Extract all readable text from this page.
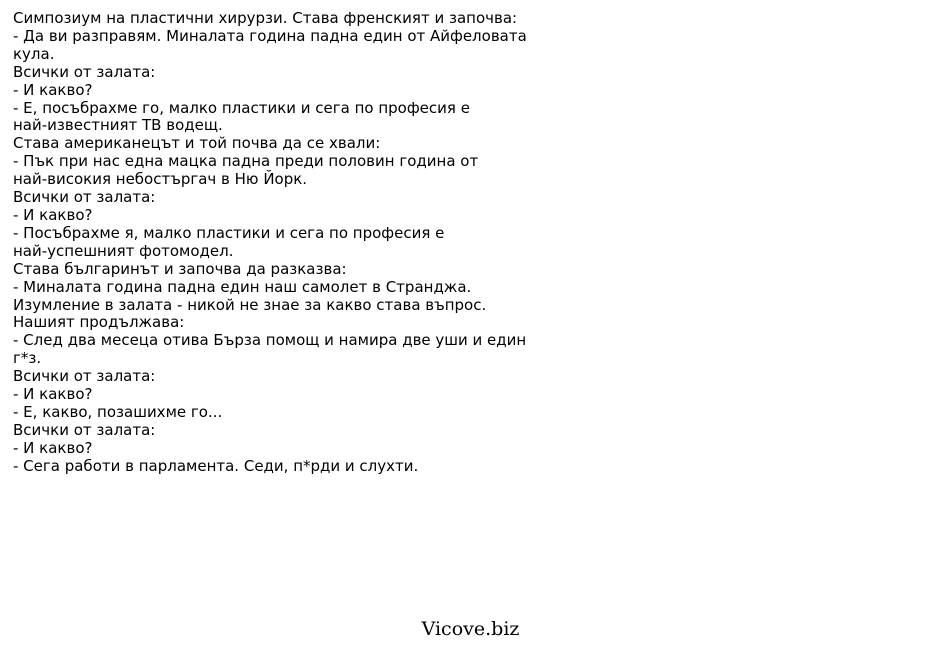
Симпозиум на пластични хирурзи. Става френският и започва:
- Да ви разправям. Миналата година падна един от Айфеловата
кула.
Всички от залата:
- И какво?
- Е, посъбрахме го, малко пластики и сега по професия е
най-известният ТВ водещ.
Става американецът и той почва да се хвали:
- Пък при нас една мацка падна преди половин година от
най-високия небостъргач в Ню Йорк.
Всички от залата:
- И какво?
- Посъбрахме я, малко пластики и сега по професия е
най-успешният фотомодел.
Става българинът и започва да разказва:
- Миналата година падна един наш самолет в Странджа.
Изумление в залата - никой не знае за какво става въпрос.
Нашият продължава:
- След два месеца отива Бърза помощ и намира две уши и един
г*з.
Всички от залата:
- И какво?
- Е, какво, позашихме го...
Всички от залата:
- И какво?
- Сега работи в парламента. Седи, п*рди и слухти.
Vicove.biz
